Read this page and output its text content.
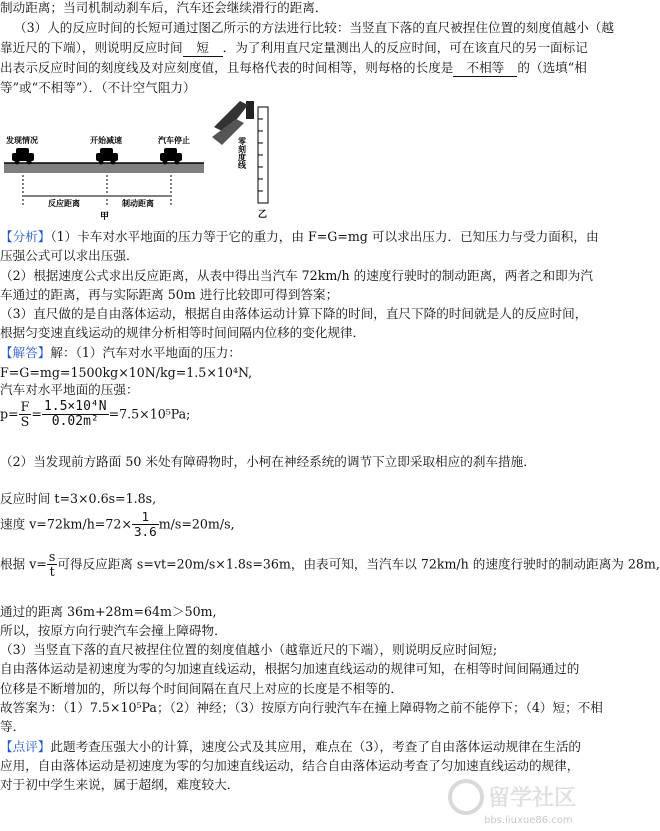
制动距离；当司机制动刹车后，汽车还会继续滑行的距离．
（3）人的反应时间的长短可通过图乙所示的方法进行比较：当竖直下落的直尺被捏住位置的刻度值越小（越
靠近尺的下端），则说明反应时间 短 ．为了利用直尺定量测出人的反应时间，可在该直尺的另一面标记
出表示反应时间的刻度线及对应刻度值，且每格代表的时间相等，则每格的长度是 不相等 的（选填“相
等”或“不相等”）．（不计空气阻力）
发现情况	开始减速	汽车停止
反应距离	制动距离
甲
零刻度线
乙
【分析】（1）卡车对水平地面的压力等于它的重力，由 F=G=mg 可以求出压力．已知压力与受力面积，由
压强公式可以求出压强．
（2）根据速度公式求出反应距离，从表中得出当汽车 72km/h 的速度行驶时的制动距离，两者之和即为汽
车通过的距离，再与实际距离 50m 进行比较即可得到答案；
（3）直尺做的是自由落体运动，根据自由落体运动计算下降的时间，直尺下降的时间就是人的反应时间，
根据匀变速直线运动的规律分析相等时间间隔内位移的变化规律．
【解答】解：（1）汽车对水平地面的压力：
F=G=mg=1500kg×10N/kg=1.5×10⁴N,
汽车对水平地面的压强：
$p= \frac{F}{S} = \frac{\text{1.5×10⁴N}}{\text{0.02m²}} =7.5\times 10^5Pa$;
（2）当发现前方路面 50 米处有障碍物时，小柯在神经系统的调节下立即采取相应的刹车措施．
反应时间 t=3×0.6s=1.8s,
速度 $v=72km/h=72\times \frac{1}{3.6} m/s=20m/s$,
根据 $v= \frac{s}{t}$ 可得反应距离 s=vt=20m/s×1.8s=36m，由表可知，当汽车以 72km/h 的速度行驶时的制动距离为 28m,
通过的距离 36m+28m=64m＞50m,
所以，按原方向行驶汽车会撞上障碍物．
（3）当竖直下落的直尺被捏住位置的刻度值越小（越靠近尺的下端），则说明反应时间短;
自由落体运动是初速度为零的匀加速直线运动，根据匀加速直线运动的规律可知，在相等时间间隔通过的
位移是不断增加的，所以每个时间间隔在直尺上对应的长度是不相等的．
故答案为：（1）7.5×10⁵Pa；（2）神经；（3）按原方向行驶汽车在撞上障碍物之前不能停下；（4）短；不相
等．
【点评】此题考查压强大小的计算，速度公式及其应用，难点在（3），考查了自由落体运动规律在生活的
应用，自由落体运动是初速度为零的匀加速直线运动，结合自由落体运动考查了匀加速直线运动的规律，
对于初中学生来说，属于超纲，难度较大．
留学社区
bbs.liuxue86.com
